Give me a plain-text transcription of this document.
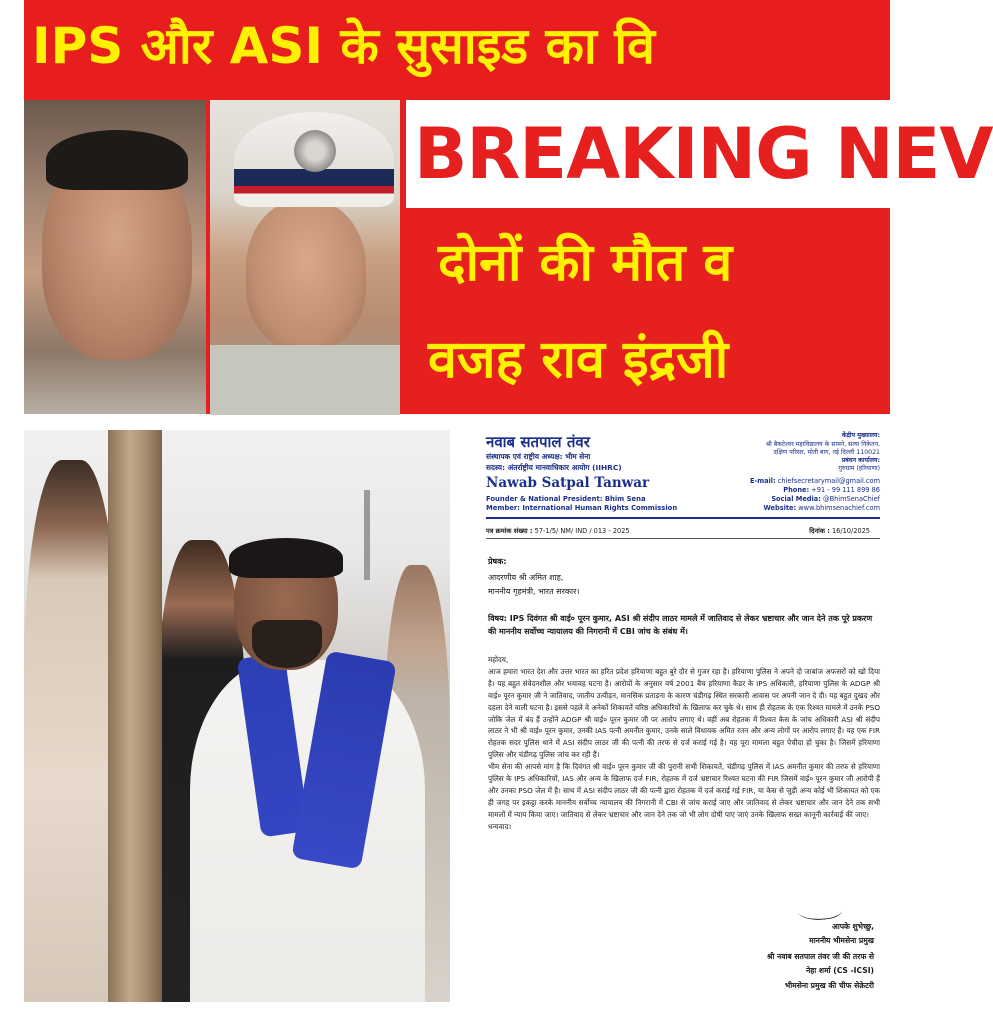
IPS और ASI के सुसाइड का वि
BREAKING NEV
दोनों की मौत व
वजह राव इंद्रजी
नवाब सतपाल तंवर
संस्थापक एवं राष्ट्रीय अध्यक्ष: भीम सेना
सदस्य: अंतर्राष्ट्रीय मानवाधिकार आयोग (IIHRC)
Nawab Satpal Tanwar
Founder & National President: Bhim Sena
Member: International Human Rights Commission
केंद्रीय मुख्यालय:
श्री बैकटेश्वर महाविद्यालय के सामने, सत्या निकेतन,
दक्षिण परिसर, मोती बाग, नई दिल्ली 110021
प्रबंधन कार्यालय:
गुरुग्राम (हरियाणा)
E-mail: chiefsecretarymail@gmail.com
Phone: +91 - 99 111 899 86
Social Media: @BhimSenaChief
Website: www.bhimsenachief.com
पत्र क्रमांक संख्या : 57-1/5/ NM/ IND / 013 - 2025	दिनांक : 16/10/2025
प्रेषक:
आदरणीय श्री अमित शाह,
माननीय गृहमंत्री, भारत सरकार।
विषय: IPS दिवंगत श्री वाई० पूरन कुमार, ASI श्री संदीप लाठर मामले में जातिवाद से लेकर भ्रष्टाचार और जान देने तक पूरे प्रकरण की माननीय सर्वोच्च न्यायालय की निगरानी में CBI जांच के संबंध में।

महोदय,

आज हमारा भारत देश और उत्तर भारत का हरित प्रदेश हरियाणा बहुत बुरे दौर से गुजर रहा है। हरियाणा पुलिस ने अपने दो जाबांज अफसरों को खो दिया है। यह बहुत संवेदनशील और भयावह घटना है। आरोपों के अनुसार वर्ष 2001 बैच हरियाणा कैडर के IPS अधिकारी, हरियाणा पुलिस के ADGP श्री वाई० पूरन कुमार जी ने जातिवाद, जातीय उत्पीड़न, मानसिक प्रताड़ना के कारण चंडीगढ़ स्थित सरकारी आवास पर अपनी जान दे दी। यह बहुत दुखद और दहला देने वाली घटना है। इससे पहले वे अनेकों शिकायतें वरिष्ठ अधिकारियों के खिलाफ कर चुके थे। साथ ही रोहतक के एक रिश्वत मामले में उनके PSO जोकि जेल में बंद हैं उन्होंने ADGP श्री वाई० पूरन कुमार जी पर आरोप लगाए थे। वहीं अब रोहतक में रिश्वत केस के जांच अधिकारी ASI श्री संदीप लाठर ने भी श्री वाई० पूरन कुमार, उनकी IAS पत्नी अमनीत कुमार, उनके साले विधायक अमित रतन और अन्य लोगों पर आरोप लगाए हैं। यह एक FIR रोहतक सदर पुलिस थाने में ASI संदीप लाठर जी की पत्नी की तरफ से दर्ज कराई गई है। यह पूरा मामला बहुत पेचीदा हो चुका है। जिसमें हरियाणा पुलिस और चंडीगढ़ पुलिस जांच कर रही हैं।

भीम सेना की आपसे मांग है कि दिवंगत श्री वाई० पूरन कुमार जी की पुरानी सभी शिकायतें, चंडीगढ़ पुलिस में IAS अमनीत कुमार की तरफ से हरियाणा पुलिस के IPS अधिकारियों, IAS और अन्य के खिलाफ दर्ज FIR, रोहतक में दर्ज भ्रष्टाचार रिश्वत घटना की FIR जिसमें वाई० पूरन कुमार जी आरोपी हैं और उनका PSO जेल में है। साथ में ASI संदीप लाठर जी की पत्नी द्वारा रोहतक में दर्ज कराई गई FIR, या केस से जुड़ी अन्य कोई भी शिकायत को एक ही जगह पर इकट्ठा करके माननीय सर्वोच्च न्यायालय की निगरानी में CBI से जांच कराई जाए और जातिवाद से लेकर भ्रष्टाचार और जान देने तक सभी मामलों में न्याय किया जाए। जातिवाद से लेकर भ्रष्टाचार और जान देने तक जो भी लोग दोषी पाए जाएं उनके खिलाफ सख्त कानूनी कार्रवाई की जाए।

धन्यवाद।

आपके शुभेच्छु,
माननीय भीमसेना प्रमुख
श्री नवाब सतपाल तंवर जी की तरफ से
नेहा शर्मा (CS -ICSI)
भीमसेना प्रमुख की चीफ सेक्रेटरी
